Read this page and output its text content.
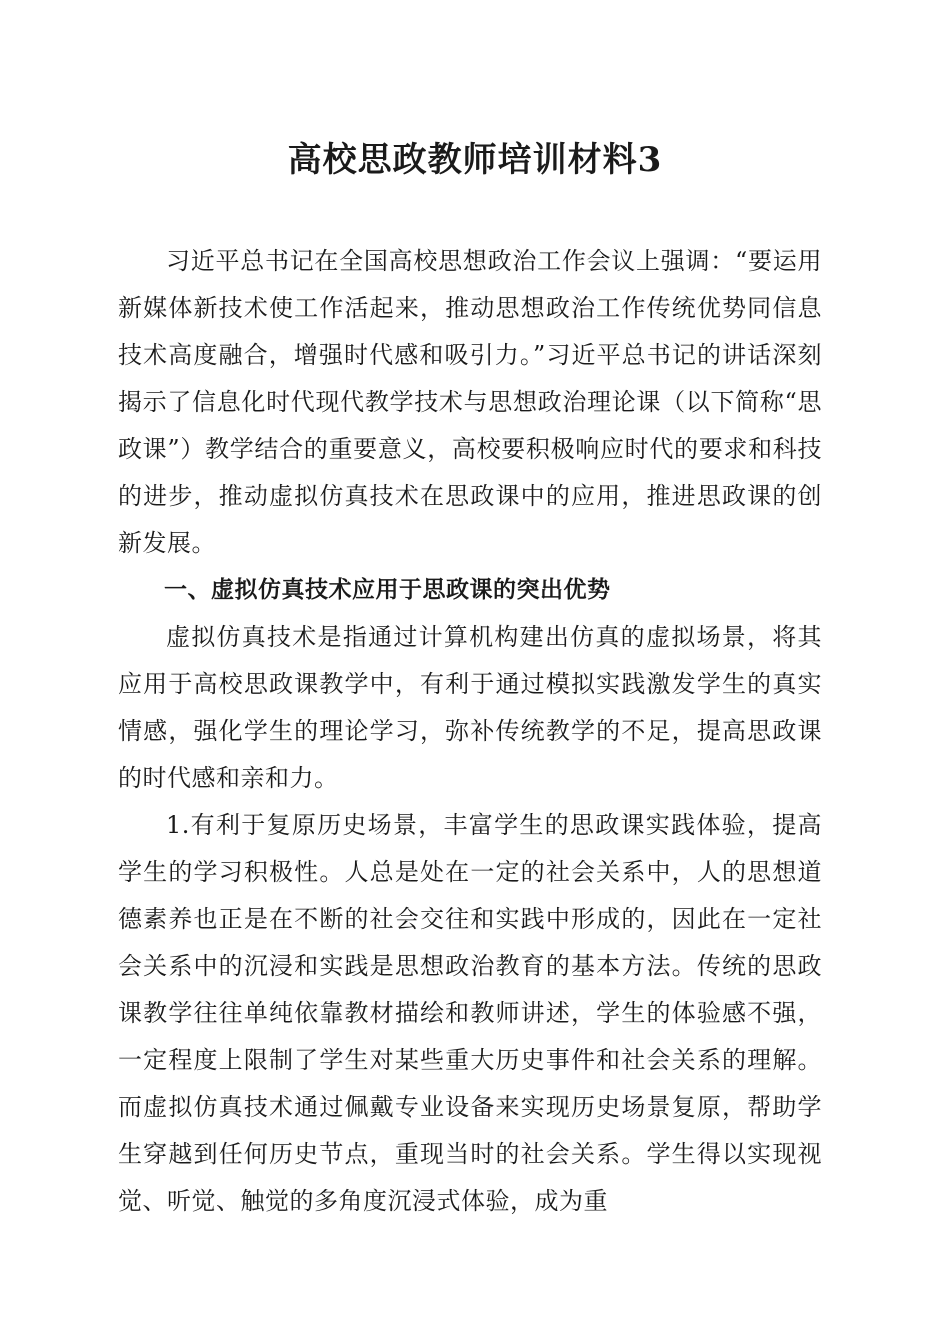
高校思政教师培训材料3

习近平总书记在全国高校思想政治工作会议上强调：“要运用新媒体新技术使工作活起来，推动思想政治工作传统优势同信息技术高度融合，增强时代感和吸引力。”习近平总书记的讲话深刻揭示了信息化时代现代教学技术与思想政治理论课（以下简称“思政课”）教学结合的重要意义，高校要积极响应时代的要求和科技的进步，推动虚拟仿真技术在思政课中的应用，推进思政课的创新发展。

一、虚拟仿真技术应用于思政课的突出优势

虚拟仿真技术是指通过计算机构建出仿真的虚拟场景，将其应用于高校思政课教学中，有利于通过模拟实践激发学生的真实情感，强化学生的理论学习，弥补传统教学的不足，提高思政课的时代感和亲和力。

1.有利于复原历史场景，丰富学生的思政课实践体验，提高学生的学习积极性。人总是处在一定的社会关系中，人的思想道德素养也正是在不断的社会交往和实践中形成的，因此在一定社会关系中的沉浸和实践是思想政治教育的基本方法。传统的思政课教学往往单纯依靠教材描绘和教师讲述，学生的体验感不强，一定程度上限制了学生对某些重大历史事件和社会关系的理解。而虚拟仿真技术通过佩戴专业设备来实现历史场景复原，帮助学生穿越到任何历史节点，重现当时的社会关系。学生得以实现视觉、听觉、触觉的多角度沉浸式体验，成为重
